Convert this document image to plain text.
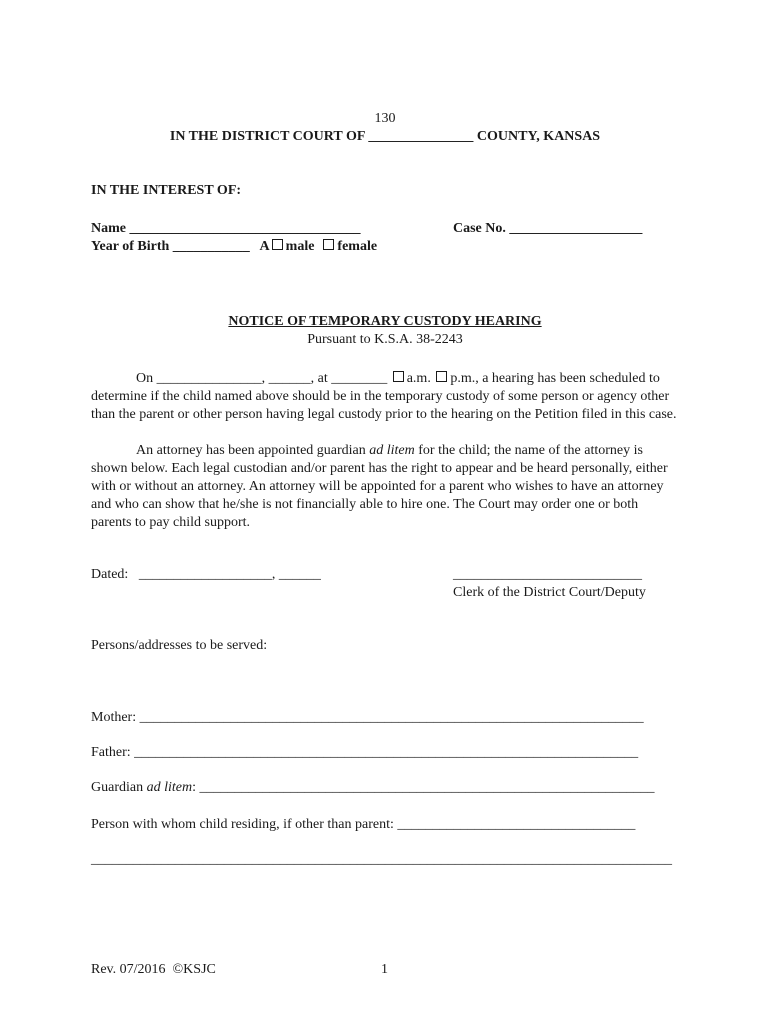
130
IN THE DISTRICT COURT OF _______________ COUNTY, KANSAS
IN THE INTEREST OF:
Name _________________________________	Case No. ___________________
Year of Birth ___________ A male female
NOTICE OF TEMPORARY CUSTODY HEARING
Pursuant to K.S.A. 38-2243
On _______________, ______, at ________ a.m. p.m., a hearing has been scheduled to determine if the child named above should be in the temporary custody of some person or agency other than the parent or other person having legal custody prior to the hearing on the Petition filed in this case.
An attorney has been appointed guardian ad litem for the child; the name of the attorney is shown below. Each legal custodian and/or parent has the right to appear and be heard personally, either with or without an attorney. An attorney will be appointed for a parent who wishes to have an attorney and who can show that he/she is not financially able to hire one. The Court may order one or both parents to pay child support.
Dated:   ___________________, ______	___________________________
Clerk of the District Court/Deputy
Persons/addresses to be served:
Mother: ________________________________________________________________________
Father: ________________________________________________________________________
Guardian ad litem: _________________________________________________________________
Person with whom child residing, if other than parent: __________________________________
___________________________________________________________________________________
Rev. 07/2016  ©KSJC	1
